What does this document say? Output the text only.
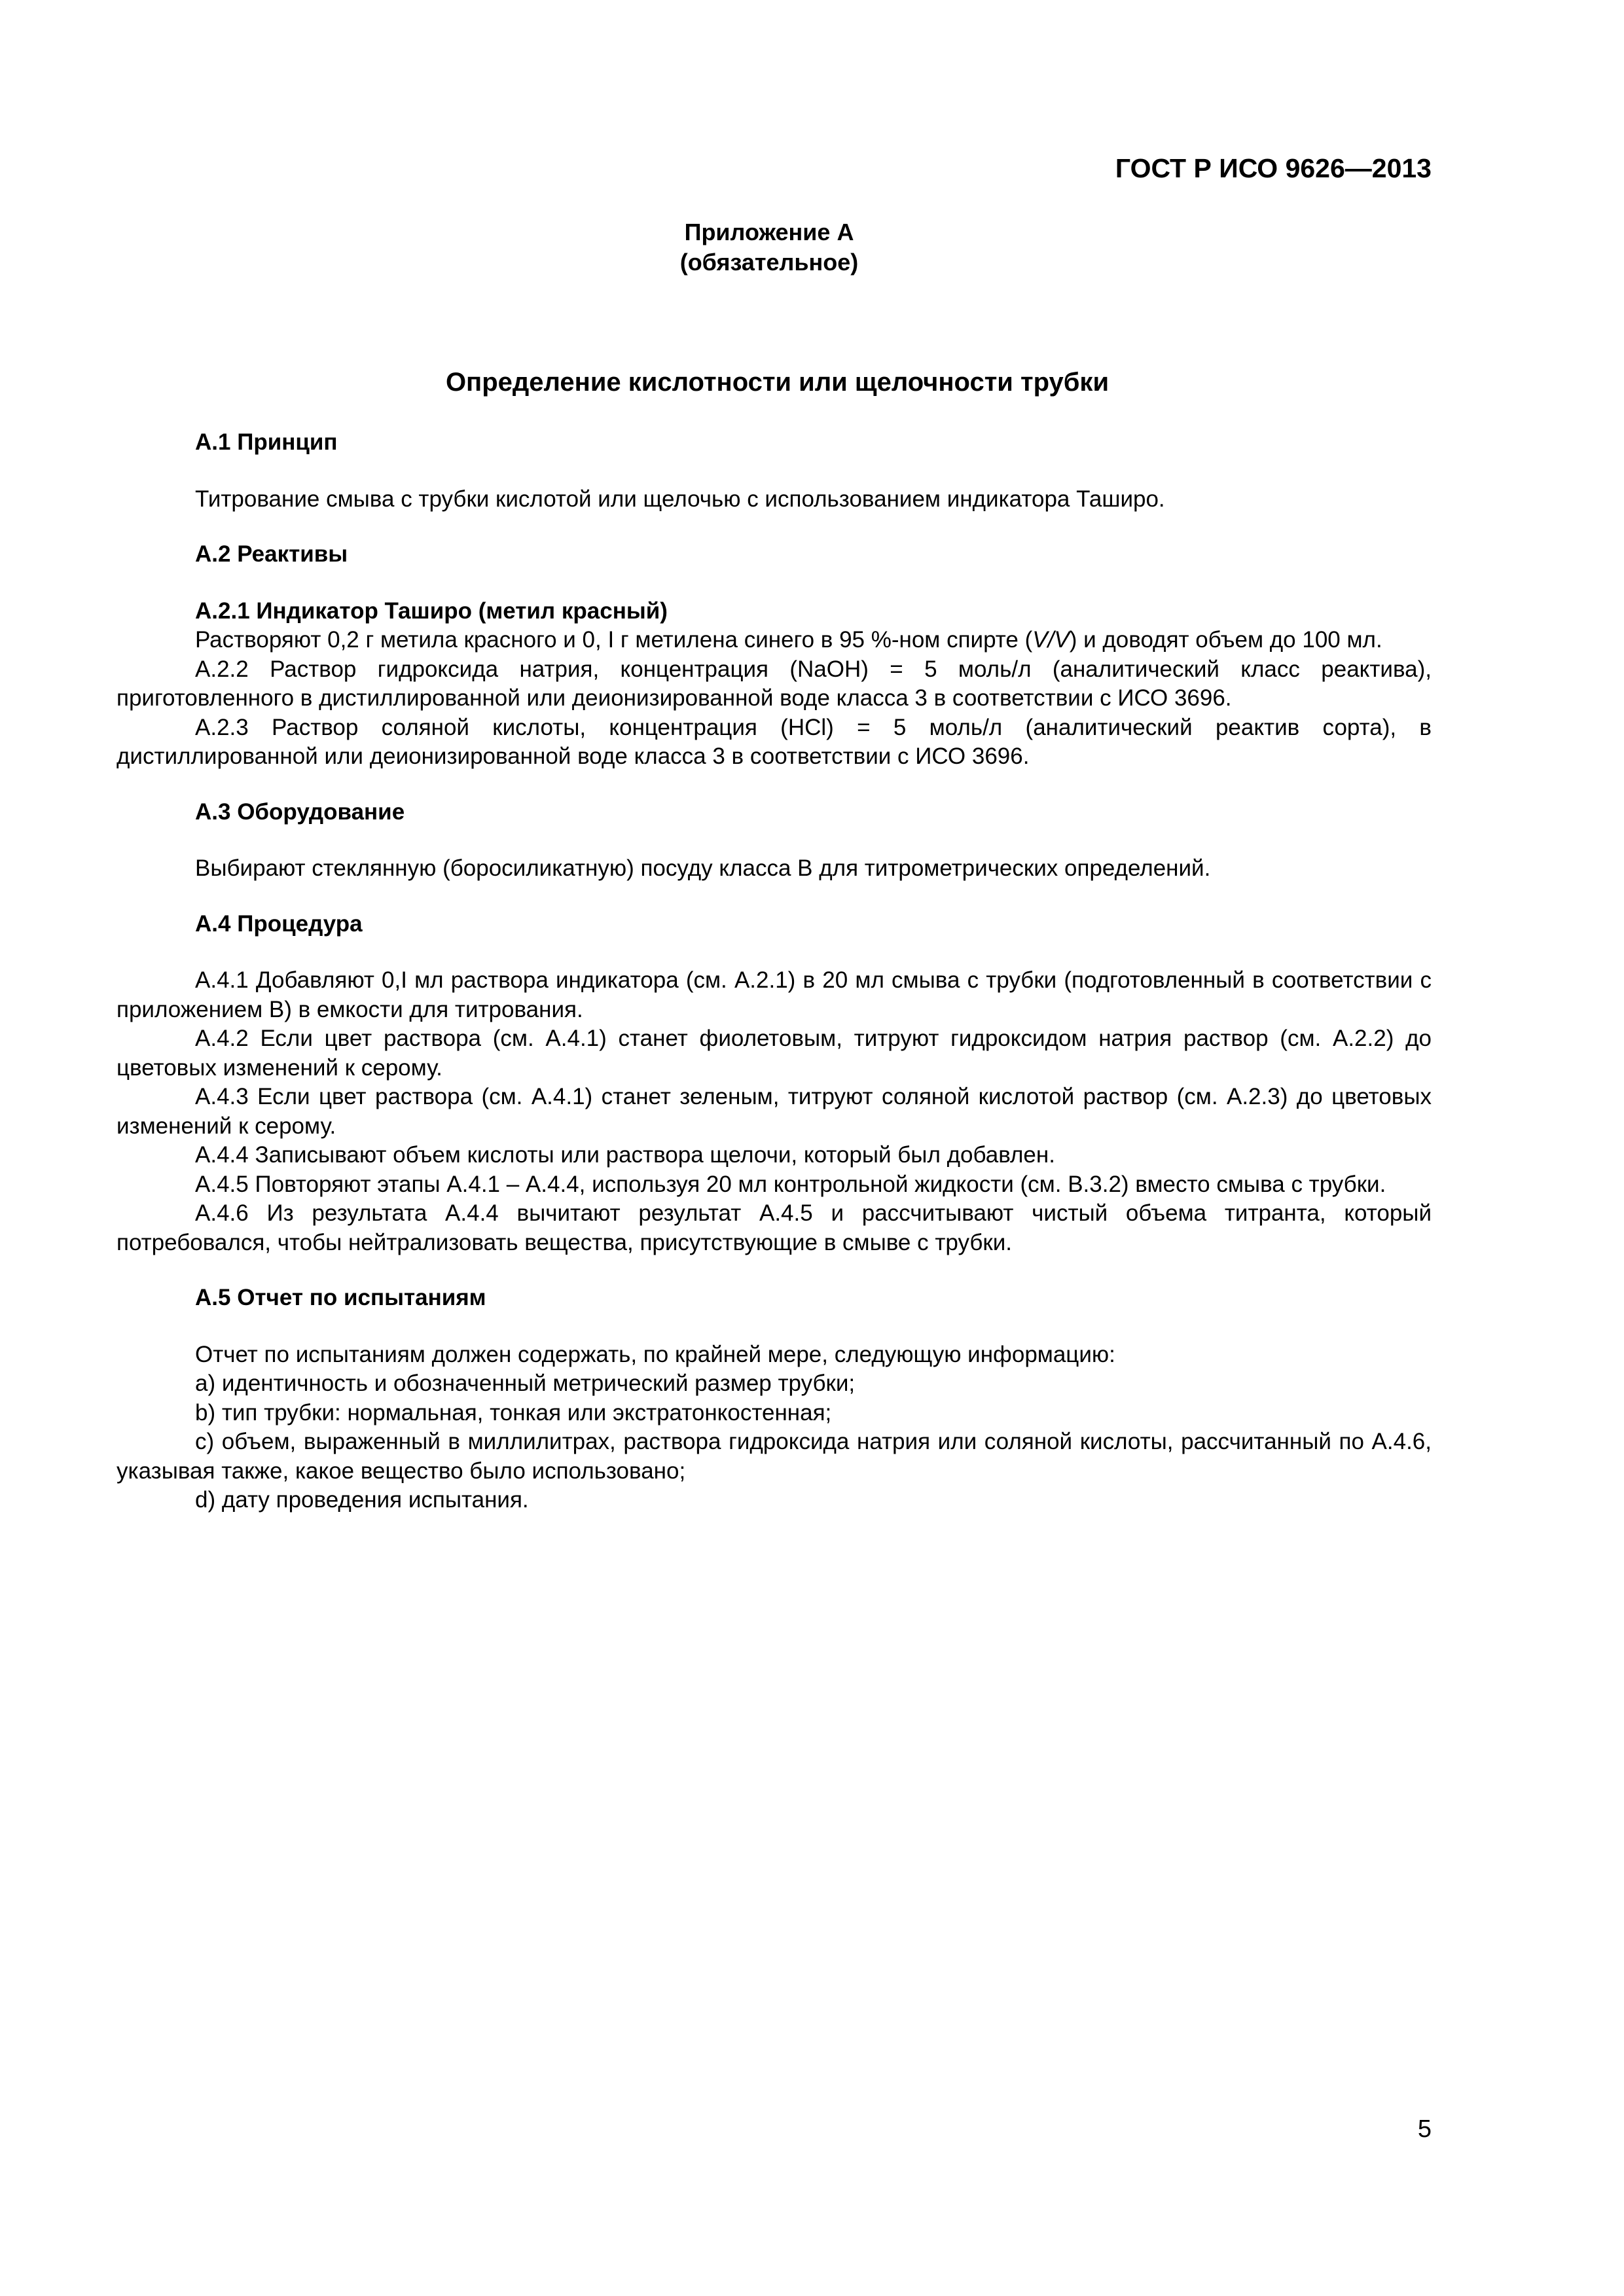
ГОСТ Р ИСО 9626—2013
Приложение А
(обязательное)
Определение кислотности или щелочности трубки
А.1 Принцип

Титрование смыва с трубки кислотой или щелочью с использованием индикатора Таширо.

А.2 Реактивы
А.2.1 Индикатор Таширо (метил красный)

Растворяют 0,2 г метила красного и 0, I г метилена синего в 95 %-ном спирте (V/V) и доводят объем до 100 мл.

А.2.2 Раствор гидроксида натрия, концентрация (NaOH) = 5 моль/л (аналитический класс реактива), приготовленного в дистиллированной или деионизированной воде класса 3 в соответствии с ИСО 3696.

А.2.3 Раствор соляной кислоты, концентрация (HCl) = 5 моль/л (аналитический реактив сорта), в дистиллированной или деионизированной воде класса 3 в соответствии с ИСО 3696.

А.3 Оборудование

Выбирают стеклянную (боросиликатную) посуду класса В для титрометрических определений.

А.4 Процедура

А.4.1 Добавляют 0,I мл раствора индикатора (см. А.2.1) в 20 мл смыва с трубки (подготовленный в соответствии с приложением В) в емкости для титрования.

А.4.2 Если цвет раствора (см. А.4.1) станет фиолетовым, титруют гидроксидом натрия раствор (см. А.2.2) до цветовых изменений к серому.

А.4.3 Если цвет раствора (см. А.4.1) станет зеленым, титруют соляной кислотой раствор (см. А.2.3) до цветовых изменений к серому.

А.4.4 Записывают объем кислоты или раствора щелочи, который был добавлен.

А.4.5 Повторяют этапы А.4.1 – А.4.4, используя 20 мл контрольной жидкости (см. В.3.2) вместо смыва с трубки.

А.4.6 Из результата А.4.4 вычитают результат А.4.5 и рассчитывают чистый объема титранта, который потребовался, чтобы нейтрализовать вещества, присутствующие в смыве с трубки.

А.5 Отчет по испытаниям

Отчет по испытаниям должен содержать, по крайней мере, следующую информацию:

а) идентичность и обозначенный метрический размер трубки;

b) тип трубки: нормальная, тонкая или экстратонкостенная;

с) объем, выраженный в миллилитрах, раствора гидроксида натрия или соляной кислоты, рассчитанный по А.4.6, указывая также, какое вещество было использовано;

d) дату проведения испытания.

5
